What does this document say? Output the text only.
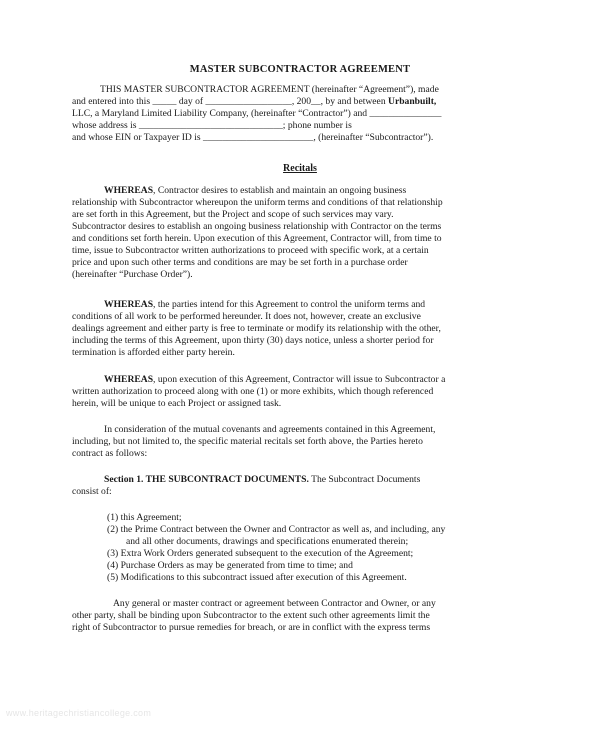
MASTER SUBCONTRACTOR AGREEMENT
THIS MASTER SUBCONTRACTOR AGREEMENT (hereinafter “Agreement”), made
and entered into this _____ day of __________________, 200__, by and between Urbanbuilt,
LLC, a Maryland Limited Liability Company, (hereinafter “Contractor”) and _______________
whose address is ______________________________; phone number is
and whose EIN or Taxpayer ID is _______________________, (hereinafter “Subcontractor”).
Recitals
WHEREAS, Contractor desires to establish and maintain an ongoing business
relationship with Subcontractor whereupon the uniform terms and conditions of that relationship
are set forth in this Agreement, but the Project and scope of such services may vary.
Subcontractor desires to establish an ongoing business relationship with Contractor on the terms
and conditions set forth herein. Upon execution of this Agreement, Contractor will, from time to
time, issue to Subcontractor written authorizations to proceed with specific work, at a certain
price and upon such other terms and conditions are may be set forth in a purchase order
(hereinafter “Purchase Order”).
WHEREAS, the parties intend for this Agreement to control the uniform terms and
conditions of all work to be performed hereunder. It does not, however, create an exclusive
dealings agreement and either party is free to terminate or modify its relationship with the other,
including the terms of this Agreement, upon thirty (30) days notice, unless a shorter period for
termination is afforded either party herein.
WHEREAS, upon execution of this Agreement, Contractor will issue to Subcontractor a
written authorization to proceed along with one (1) or more exhibits, which though referenced
herein, will be unique to each Project or assigned task.
In consideration of the mutual covenants and agreements contained in this Agreement,
including, but not limited to, the specific material recitals set forth above, the Parties hereto
contract as follows:
Section 1. THE SUBCONTRACT DOCUMENTS. The Subcontract Documents
consist of:
(1) this Agreement;
(2) the Prime Contract between the Owner and Contractor as well as, and including, any
and all other documents, drawings and specifications enumerated therein;
(3) Extra Work Orders generated subsequent to the execution of the Agreement;
(4) Purchase Orders as may be generated from time to time; and
(5) Modifications to this subcontract issued after execution of this Agreement.
Any general or master contract or agreement between Contractor and Owner, or any
other party, shall be binding upon Subcontractor to the extent such other agreements limit the
right of Subcontractor to pursue remedies for breach, or are in conflict with the express terms
www.heritagechristiancollege.com
